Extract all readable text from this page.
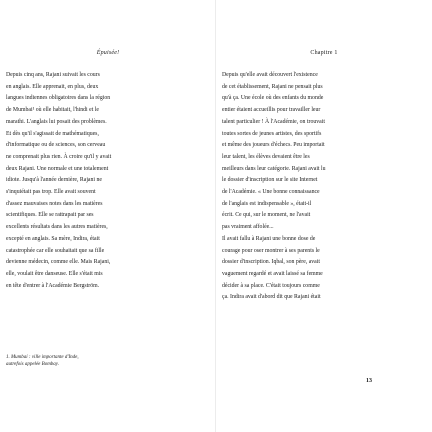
Épuisée!
Depuis cinq ans, Rajani suivait les cours
en anglais. Elle apprenait, en plus, deux
langues indiennes obligatoires dans la région
de Mumbai¹ où elle habitait, l'hindi et le
marathi. L'anglais lui posait des problèmes.
Et dès qu'il s'agissait de mathématiques,
d'informatique ou de sciences, son cerveau
ne comprenait plus rien. À croire qu'il y avait
deux Rajani. Une normale et une totalement
idiote. Jusqu'à l'année dernière, Rajani ne
s'inquiétait pas trop. Elle avait souvent
d'assez mauvaises notes dans les matières
scientifiques. Elle se rattrapait par ses
excellents résultats dans les autres matières,
excepté en anglais. Sa mère, Indira, était
catastrophée car elle souhaitait que sa fille
devienne médecin, comme elle. Mais Rajani,
elle, voulait être danseuse. Elle s'était mis
en tête d'entrer à l'Académie Bergström.
1. Mumbai : ville importante d'Inde,
autrefois appelée Bombay.
Chapitre 1
Depuis qu'elle avait découvert l'existence
de cet établissement, Rajani ne pensait plus
qu'à ça. Une école où des enfants du monde
entier étaient accueillis pour travailler leur
talent particulier ! À l'Académie, on trouvait
toutes sortes de jeunes artistes, des sportifs
et même des joueurs d'échecs. Peu importait
leur talent, les élèves devaient être les
meilleurs dans leur catégorie. Rajani avait lu
le dossier d'inscription sur le site Internet
de l'Académie. « Une bonne connaissance
de l'anglais est indispensable », était-il
écrit. Ce qui, sur le moment, ne l'avait
pas vraiment affolée...
Il avait fallu à Rajani une bonne dose de
courage pour oser montrer à ses parents le
dossier d'inscription. Iqbal, son père, avait
vaguement regardé et avait laissé sa femme
décider à sa place. C'était toujours comme
ça. Indira avait d'abord dit que Rajani était
13
